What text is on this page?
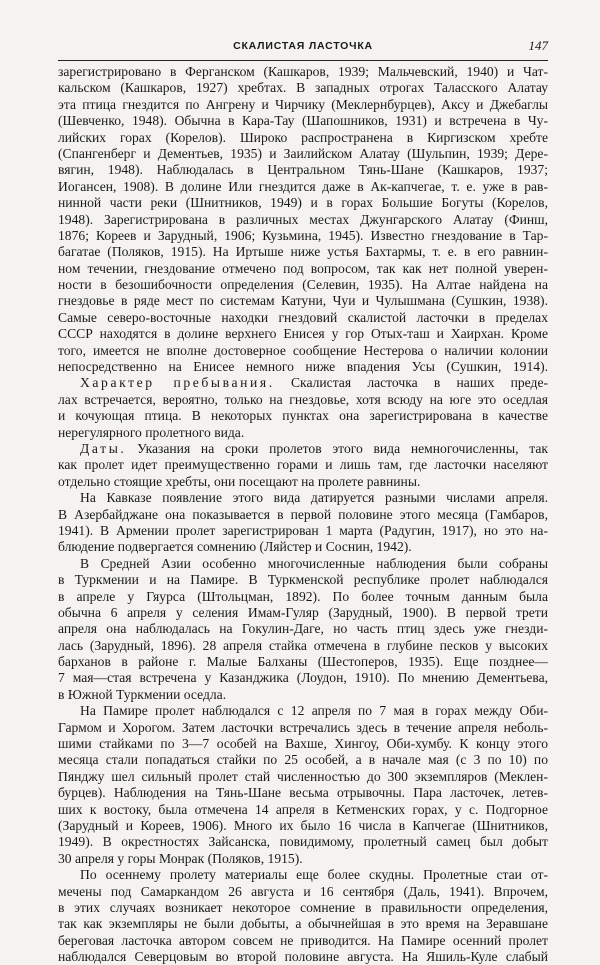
СКАЛИСТАЯ ЛАСТОЧКА	147
зарегистрировано в Ферганском (Кашкаров, 1939; Мальчевский, 1940) и Чат-
кальском (Кашкаров, 1927) хребтах. В западных отрогах Таласского Алатау
эта птица гнездится по Ангрену и Чирчику (Меклернбурцев), Аксу и Джебаглы
(Шевченко, 1948). Обычна в Кара-Тау (Шапошников, 1931) и встречена в Чу-
лийских горах (Корелов). Широко распространена в Киргизском хребте
(Спангенберг и Дементьев, 1935) и Заилийском Алатау (Шульпин, 1939; Дере-
вягин, 1948). Наблюдалась в Центральном Тянь-Шане (Кашкаров, 1937;
Иогансен, 1908). В долине Или гнездится даже в Ак-капчегае, т. е. уже в рав-
нинной части реки (Шнитников, 1949) и в горах Большие Богуты (Корелов,
1948). Зарегистрирована в различных местах Джунгарского Алатау (Финш,
1876; Кореев и Зарудный, 1906; Кузьмина, 1945). Известно гнездование в Тар-
багатае (Поляков, 1915). На Иртыше ниже устья Бахтармы, т. е. в его равнин-
ном течении, гнездование отмечено под вопросом, так как нет полной уверен-
ности в безошибочности определения (Селевин, 1935). На Алтае найдена на
гнездовье в ряде мест по системам Катуни, Чуи и Чулышмана (Сушкин, 1938).
Самые северо-восточные находки гнездовий скалистой ласточки в пределах
СССР находятся в долине верхнего Енисея у гор Отых-таш и Хаирхан. Кроме
того, имеется не вполне достоверное сообщение Нестерова о наличии колонии
непосредственно на Енисее немного ниже впадения Усы (Сушкин, 1914).
Характер пребывания. Скалистая ласточка в наших преде-
лах встречается, вероятно, только на гнездовье, хотя всюду на юге это оседлая
и кочующая птица. В некоторых пунктах она зарегистрирована в качестве
нерегулярного пролетного вида.
Даты. Указания на сроки пролетов этого вида немногочисленны, так
как пролет идет преимущественно горами и лишь там, где ласточки населяют
отдельно стоящие хребты, они посещают на пролете равнины.
На Кавказе появление этого вида датируется разными числами апреля.
В Азербайджане она показывается в первой половине этого месяца (Гамбаров,
1941). В Армении пролет зарегистрирован 1 марта (Радугин, 1917), но это на-
блюдение подвергается сомнению (Ляйстер и Соснин, 1942).
В Средней Азии особенно многочисленные наблюдения были собраны
в Туркмении и на Памире. В Туркменской республике пролет наблюдался
в апреле у Гяурса (Штольцман, 1892). По более точным данным была
обычна 6 апреля у селения Имам-Гуляр (Зарудный, 1900). В первой трети
апреля она наблюдалась на Гокулин-Даге, но часть птиц здесь уже гнезди-
лась (Зарудный, 1896). 28 апреля стайка отмечена в глубине песков у высоких
барханов в районе г. Малые Балханы (Шестоперов, 1935). Еще позднее—
7 мая—стая встречена у Казанджика (Лоудон, 1910). По мнению Дементьева,
в Южной Туркмении оседла.
На Памире пролет наблюдался с 12 апреля по 7 мая в горах между Оби-
Гармом и Хорогом. Затем ласточки встречались здесь в течение апреля неболь-
шими стайками по 3—7 особей на Вахше, Хингоу, Оби-хумбу. К концу этого
месяца стали попадаться стайки по 25 особей, а в начале мая (с 3 по 10) по
Пянджу шел сильный пролет стай численностью до 300 экземпляров (Меклен-
бурцев). Наблюдения на Тянь-Шане весьма отрывочны. Пара ласточек, летев-
ших к востоку, была отмечена 14 апреля в Кетменских горах, у с. Подгорное
(Зарудный и Кореев, 1906). Много их было 16 числа в Капчегае (Шнитников,
1949). В окрестностях Зайсанска, повидимому, пролетный самец был добыт
30 апреля у горы Монрак (Поляков, 1915).
По осеннему пролету материалы еще более скудны. Пролетные стаи от-
мечены под Самаркандом 26 августа и 16 сентября (Даль, 1941). Впрочем,
в этих случаях возникает некоторое сомнение в правильности определения,
так как экземпляры не были добыты, а обычнейшая в это время на Зеравшане
береговая ласточка автором совсем не приводится. На Памире осенний пролет
наблюдался Северцовым во второй половине августа. На Яшиль-Куле слабый
